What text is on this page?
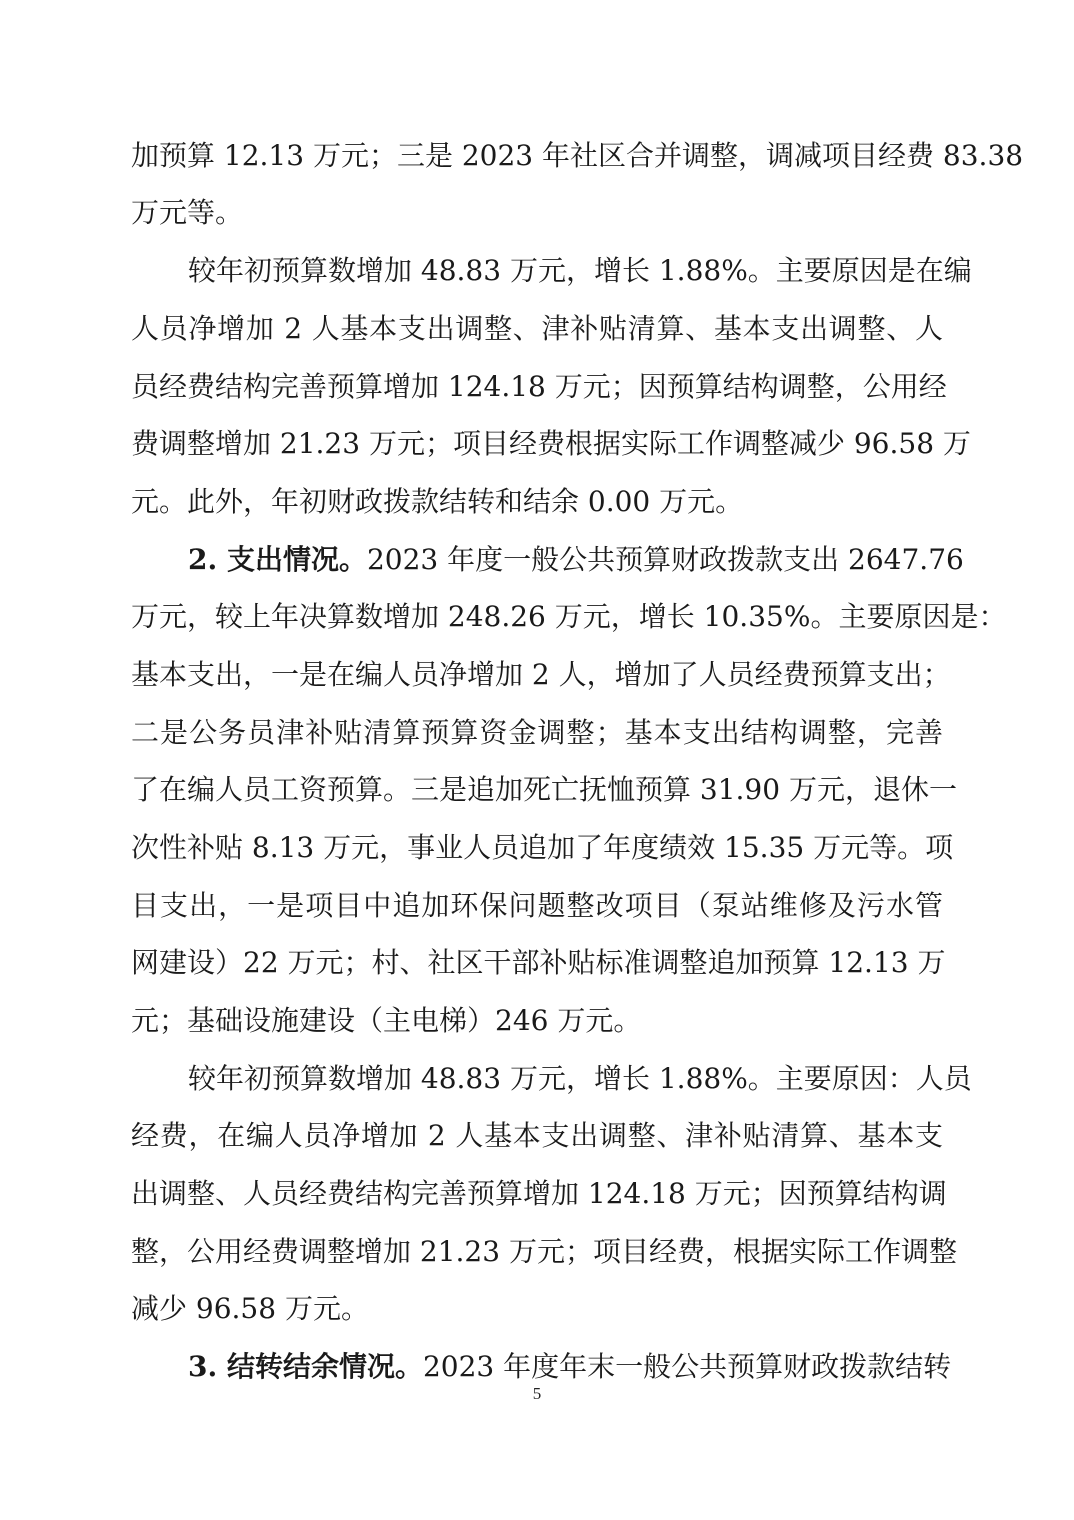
加预算 12.13 万元；三是 2023 年社区合并调整，调减项目经费 83.38
万元等。
较年初预算数增加 48.83 万元，增长 1.88%。主要原因是在编
人员净增加 2 人基本支出调整、津补贴清算、基本支出调整、人
员经费结构完善预算增加 124.18 万元；因预算结构调整，公用经
费调整增加 21.23 万元；项目经费根据实际工作调整减少 96.58 万
元。此外，年初财政拨款结转和结余 0.00 万元。
2. 支出情况。2023 年度一般公共预算财政拨款支出 2647.76
万元，较上年决算数增加 248.26 万元，增长 10.35%。主要原因是：
基本支出，一是在编人员净增加 2 人，增加了人员经费预算支出；
二是公务员津补贴清算预算资金调整；基本支出结构调整，完善
了在编人员工资预算。三是追加死亡抚恤预算 31.90 万元，退休一
次性补贴 8.13 万元，事业人员追加了年度绩效 15.35 万元等。项
目支出，一是项目中追加环保问题整改项目（泵站维修及污水管
网建设）22 万元；村、社区干部补贴标准调整追加预算 12.13 万
元；基础设施建设（主电梯）246 万元。
较年初预算数增加 48.83 万元，增长 1.88%。主要原因：人员
经费，在编人员净增加 2 人基本支出调整、津补贴清算、基本支
出调整、人员经费结构完善预算增加 124.18 万元；因预算结构调
整，公用经费调整增加 21.23 万元；项目经费，根据实际工作调整
减少 96.58 万元。
3. 结转结余情况。2023 年度年末一般公共预算财政拨款结转
5
